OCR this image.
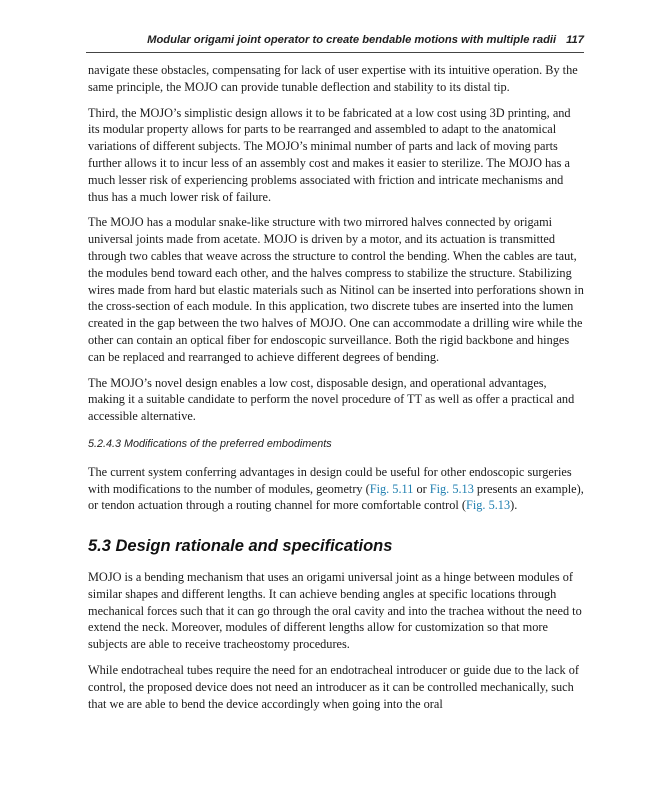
Modular origami joint operator to create bendable motions with multiple radii 117

navigate these obstacles, compensating for lack of user expertise with its intuitive operation. By the same principle, the MOJO can provide tunable deflection and stability to its distal tip.

Third, the MOJO’s simplistic design allows it to be fabricated at a low cost using 3D printing, and its modular property allows for parts to be rearranged and assembled to adapt to the anatomical variations of different subjects. The MOJO’s minimal number of parts and lack of moving parts further allows it to incur less of an assembly cost and makes it easier to sterilize. The MOJO has a much lesser risk of experiencing problems associated with friction and intricate mechanisms and thus has a much lower risk of failure.

The MOJO has a modular snake-like structure with two mirrored halves connected by origami universal joints made from acetate. MOJO is driven by a motor, and its actuation is transmitted through two cables that weave across the structure to control the bending. When the cables are taut, the modules bend toward each other, and the halves compress to stabilize the structure. Stabilizing wires made from hard but elastic materials such as Nitinol can be inserted into perforations shown in the cross-section of each module. In this application, two discrete tubes are inserted into the lumen created in the gap between the two halves of MOJO. One can accommodate a drilling wire while the other can contain an optical fiber for endoscopic surveillance. Both the rigid backbone and hinges can be replaced and rearranged to achieve different degrees of bending.

The MOJO’s novel design enables a low cost, disposable design, and operational advantages, making it a suitable candidate to perform the novel procedure of TT as well as offer a practical and accessible alternative.

5.2.4.3 Modifications of the preferred embodiments

The current system conferring advantages in design could be useful for other endoscopic surgeries with modifications to the number of modules, geometry (Fig. 5.11 or Fig. 5.13 presents an example), or tendon actuation through a routing channel for more comfortable control (Fig. 5.13).

5.3 Design rationale and specifications

MOJO is a bending mechanism that uses an origami universal joint as a hinge between modules of similar shapes and different lengths. It can achieve bending angles at specific locations through mechanical forces such that it can go through the oral cavity and into the trachea without the need to extend the neck. Moreover, modules of different lengths allow for customization so that more subjects are able to receive tracheostomy procedures.

While endotracheal tubes require the need for an endotracheal introducer or guide due to the lack of control, the proposed device does not need an introducer as it can be controlled mechanically, such that we are able to bend the device accordingly when going into the oral
